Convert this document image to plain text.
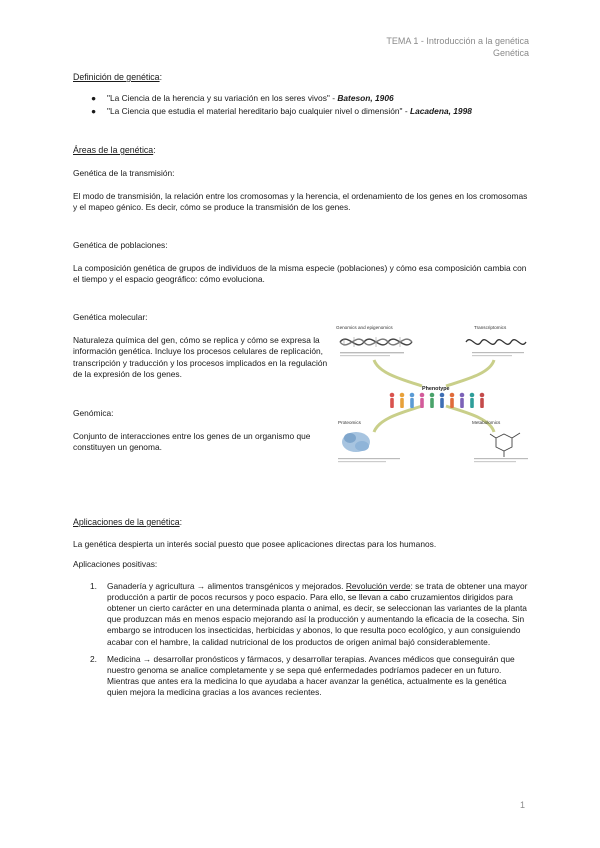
TEMA 1 - Introducción a la genética
Genética
Definición de genética:
● "La Ciencia de la herencia y su variación en los seres vivos" - Bateson, 1906
● "La Ciencia que estudia el material hereditario bajo cualquier nivel o dimensión" - Lacadena, 1998
Áreas de la genética:
Genética de la transmisión:
El modo de transmisión, la relación entre los cromosomas y la herencia, el ordenamiento de los genes en los cromosomas y el mapeo génico. Es decir, cómo se produce la transmisión de los genes.
Genética de poblaciones:
La composición genética de grupos de individuos de la misma especie (poblaciones) y cómo esa composición cambia con el tiempo y el espacio geográfico: cómo evoluciona.
Genética molecular:
Naturaleza química del gen, cómo se replica y cómo se expresa la información genética. Incluye los procesos celulares de replicación, transcripción y traducción y los procesos implicados en la regulación de la expresión de los genes.
Genómica:
Conjunto de interacciones entre los genes de un organismo que constituyen un genoma.
Genomics and epigenomics	Transcriptomics
Phenotype
Proteomics	Metabolomics
Aplicaciones de la genética:
La genética despierta un interés social puesto que posee aplicaciones directas para los humanos.
Aplicaciones positivas:
1. Ganadería y agricultura → alimentos transgénicos y mejorados. Revolución verde: se trata de obtener una mayor producción a partir de pocos recursos y poco espacio. Para ello, se llevan a cabo cruzamientos dirigidos para obtener un cierto carácter en una determinada planta o animal, es decir, se seleccionan las variantes de la planta que produzcan más en menos espacio mejorando así la producción y aumentando la eficacia de la cosecha. Sin embargo se introducen los insecticidas, herbicidas y abonos, lo que resulta poco ecológico, y aun consiguiendo acabar con el hambre, la calidad nutricional de los productos de origen animal bajó considerablemente.
2. Medicina → desarrollar pronósticos y fármacos, y desarrollar terapias. Avances médicos que conseguirán que nuestro genoma se analice completamente y se sepa qué enfermedades podríamos padecer en un futuro. Mientras que antes era la medicina lo que ayudaba a hacer avanzar la genética, actualmente es la genética quien mejora la medicina gracias a los avances recientes.
1
